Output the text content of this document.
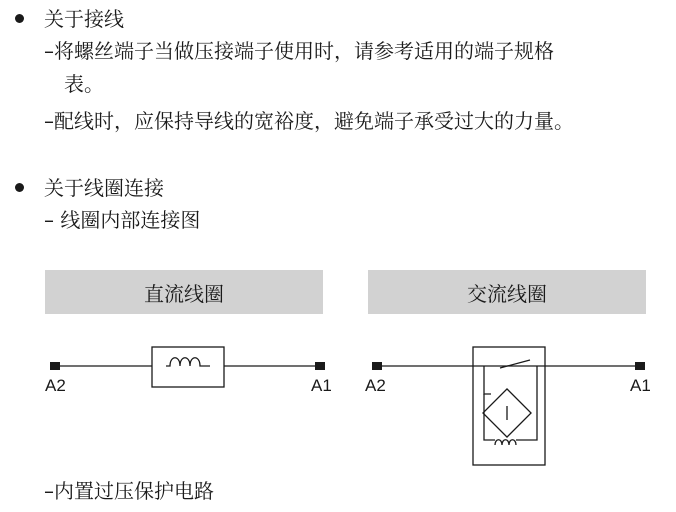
关于接线
–将螺丝端子当做压接端子使用时，请参考适用的端子规格
表。
–配线时，应保持导线的宽裕度，避免端子承受过大的力量。
关于线圈连接
– 线圈内部连接图
直流线圈	交流线圈
A2	A1 A2	A1
–内置过压保护电路
